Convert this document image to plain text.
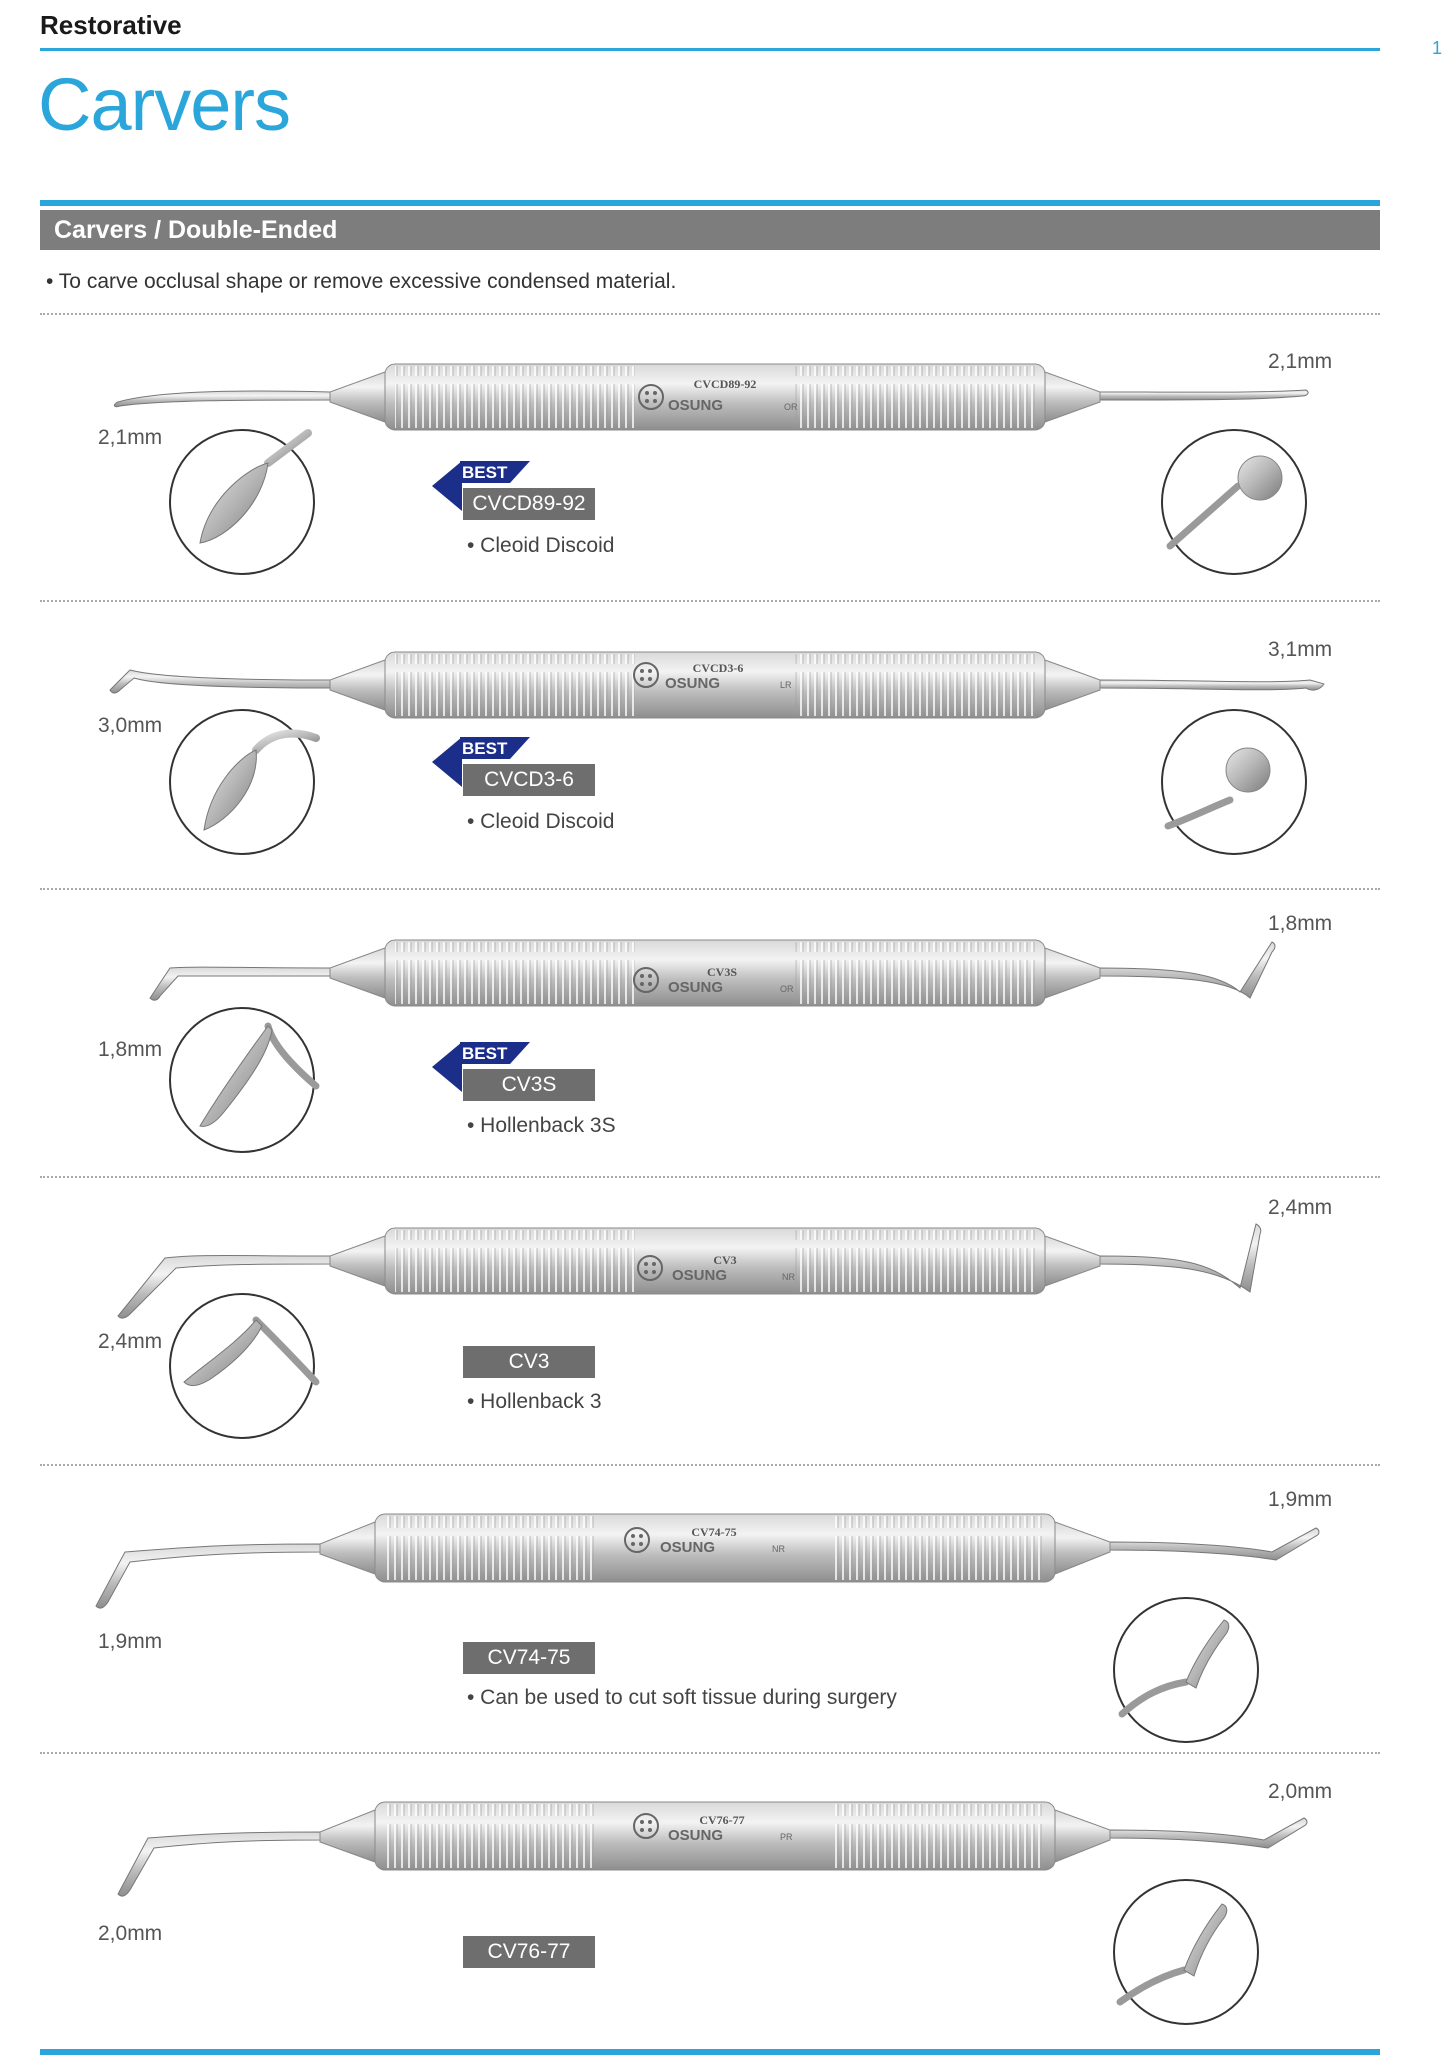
Restorative
1
Carvers
Carvers / Double-Ended
• To carve occlusal shape or remove excessive condensed material.
CVCD89-92
OSUNG	OR
2,1mm
2,1mm
BEST
CVCD89-92
• Cleoid Discoid
CVCD3-6
OSUNG	LR
3,0mm
3,1mm
BEST
CVCD3-6
• Cleoid Discoid
CV3S
OSUNG	OR
1,8mm
1,8mm
BEST
CV3S
• Hollenback 3S
CV3
OSUNG	NR
2,4mm
2,4mm
CV3
• Hollenback 3
CV74-75
OSUNG	NR
1,9mm
1,9mm
CV74-75
• Can be used to cut soft tissue during surgery
CV76-77
OSUNG	PR
2,0mm
2,0mm
CV76-77
